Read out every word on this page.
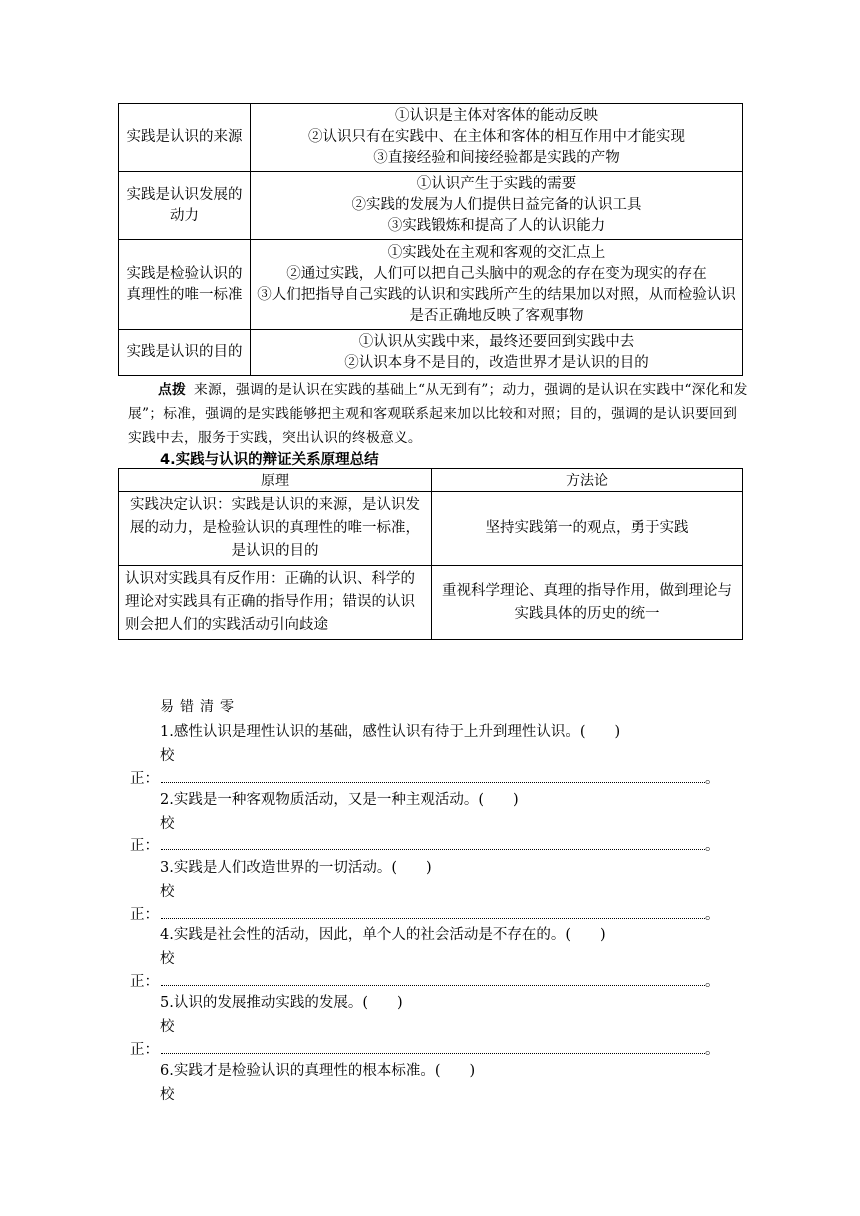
实践是认识的来源	①认识是主体对客体的能动反映
②认识只有在实践中、在主体和客体的相互作用中才能实现
③直接经验和间接经验都是实践的产物

实践是认识发展的动力	①认识产生于实践的需要
②实践的发展为人们提供日益完备的认识工具
③实践锻炼和提高了人的认识能力

实践是检验认识的真理性的唯一标准	①实践处在主观和客观的交汇点上
②通过实践，人们可以把自己头脑中的观念的存在变为现实的存在
③人们把指导自己实践的认识和实践所产生的结果加以对照，从而检验认识是否正确地反映了客观事物

实践是认识的目的	①认识从实践中来，最终还要回到实践中去
②认识本身不是目的，改造世界才是认识的目的
点拨 来源，强调的是认识在实践的基础上“从无到有”；动力，强调的是认识在实践中“深化和发展”；标准，强调的是实践能够把主观和客观联系起来加以比较和对照；目的，强调的是认识要回到实践中去，服务于实践，突出认识的终极意义。
4.实践与认识的辩证关系原理总结
原理	方法论
实践决定认识：实践是认识的来源，是认识发展的动力，是检验认识的真理性的唯一标准，是认识的目的	坚持实践第一的观点，勇于实践
认识对实践具有反作用：正确的认识、科学的理论对实践具有正确的指导作用；错误的认识则会把人们的实践活动引向歧途	重视科学理论、真理的指导作用，做到理论与实践具体的历史的统一
易错清零
1.感性认识是理性认识的基础，感性认识有待于上升到理性认识。(　　)
校
正：	。
2.实践是一种客观物质活动，又是一种主观活动。(　　)
校
正：	。
3.实践是人们改造世界的一切活动。(　　)
校
正：	。
4.实践是社会性的活动，因此，单个人的社会活动是不存在的。(　　)
校
正：	。
5.认识的发展推动实践的发展。(　　)
校
正：	。
6.实践才是检验认识的真理性的根本标准。(　　)
校
